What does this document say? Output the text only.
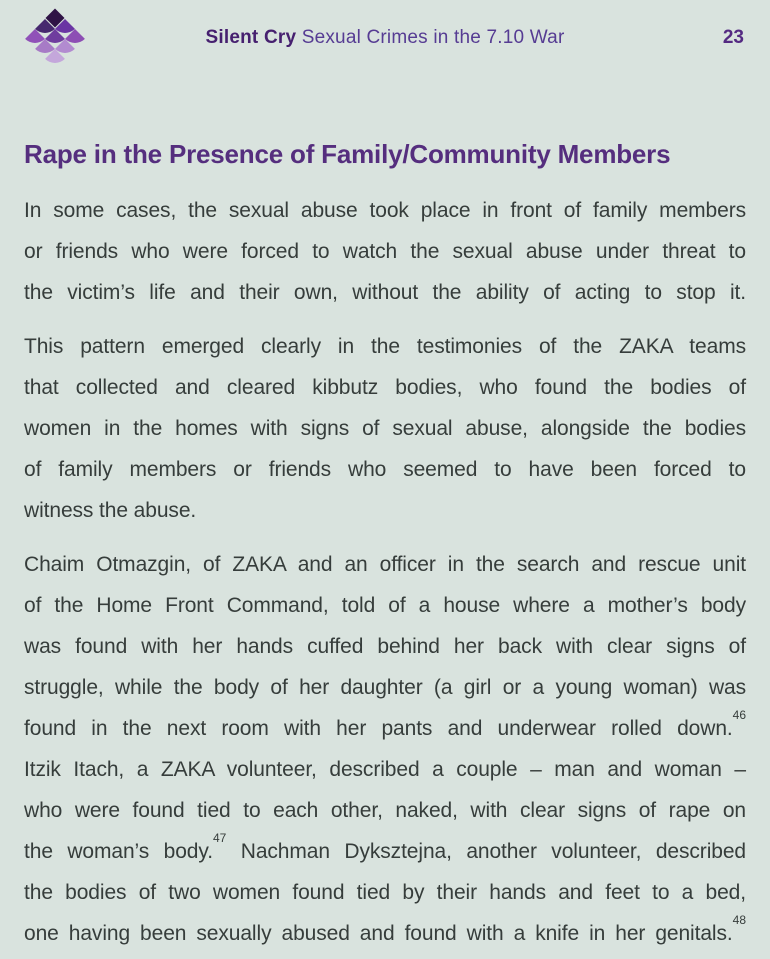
Silent Cry Sexual Crimes in the 7.10 War	23
Rape in the Presence of Family/Community Members
In some cases, the sexual abuse took place in front of family members
or friends who were forced to watch the sexual abuse under threat to
the victim’s life and their own, without the ability of acting to stop it.
This pattern emerged clearly in the testimonies of the ZAKA teams
that collected and cleared kibbutz bodies, who found the bodies of
women in the homes with signs of sexual abuse, alongside the bodies
of family members or friends who seemed to have been forced to
witness the abuse.
Chaim Otmazgin, of ZAKA and an officer in the search and rescue unit
of the Home Front Command, told of a house where a mother’s body
was found with her hands cuffed behind her back with clear signs of
struggle, while the body of her daughter (a girl or a young woman) was
found in the next room with her pants and underwear rolled down.$^{46}$
Itzik Itach, a ZAKA volunteer, described a couple – man and woman –
who were found tied to each other, naked, with clear signs of rape on
the woman’s body.$^{47}$ Nachman Dyksztejna, another volunteer, described
the bodies of two women found tied by their hands and feet to a bed,
one having been sexually abused and found with a knife in her genitals.$^{48}$
